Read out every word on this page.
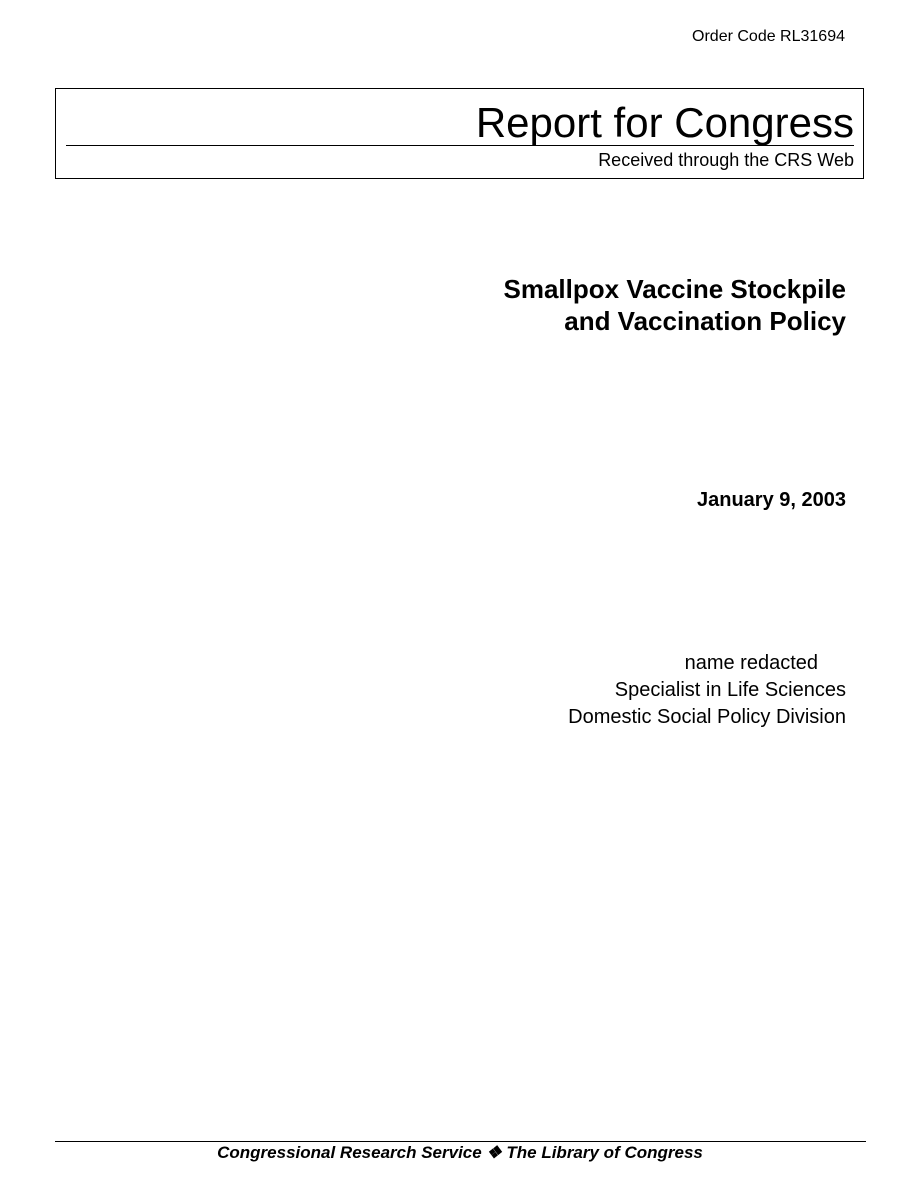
Order Code RL31694
Report for Congress
Received through the CRS Web
Smallpox Vaccine Stockpile
and Vaccination Policy
January 9, 2003
name redacted
Specialist in Life Sciences
Domestic Social Policy Division
Congressional Research Service ❖ The Library of Congress
